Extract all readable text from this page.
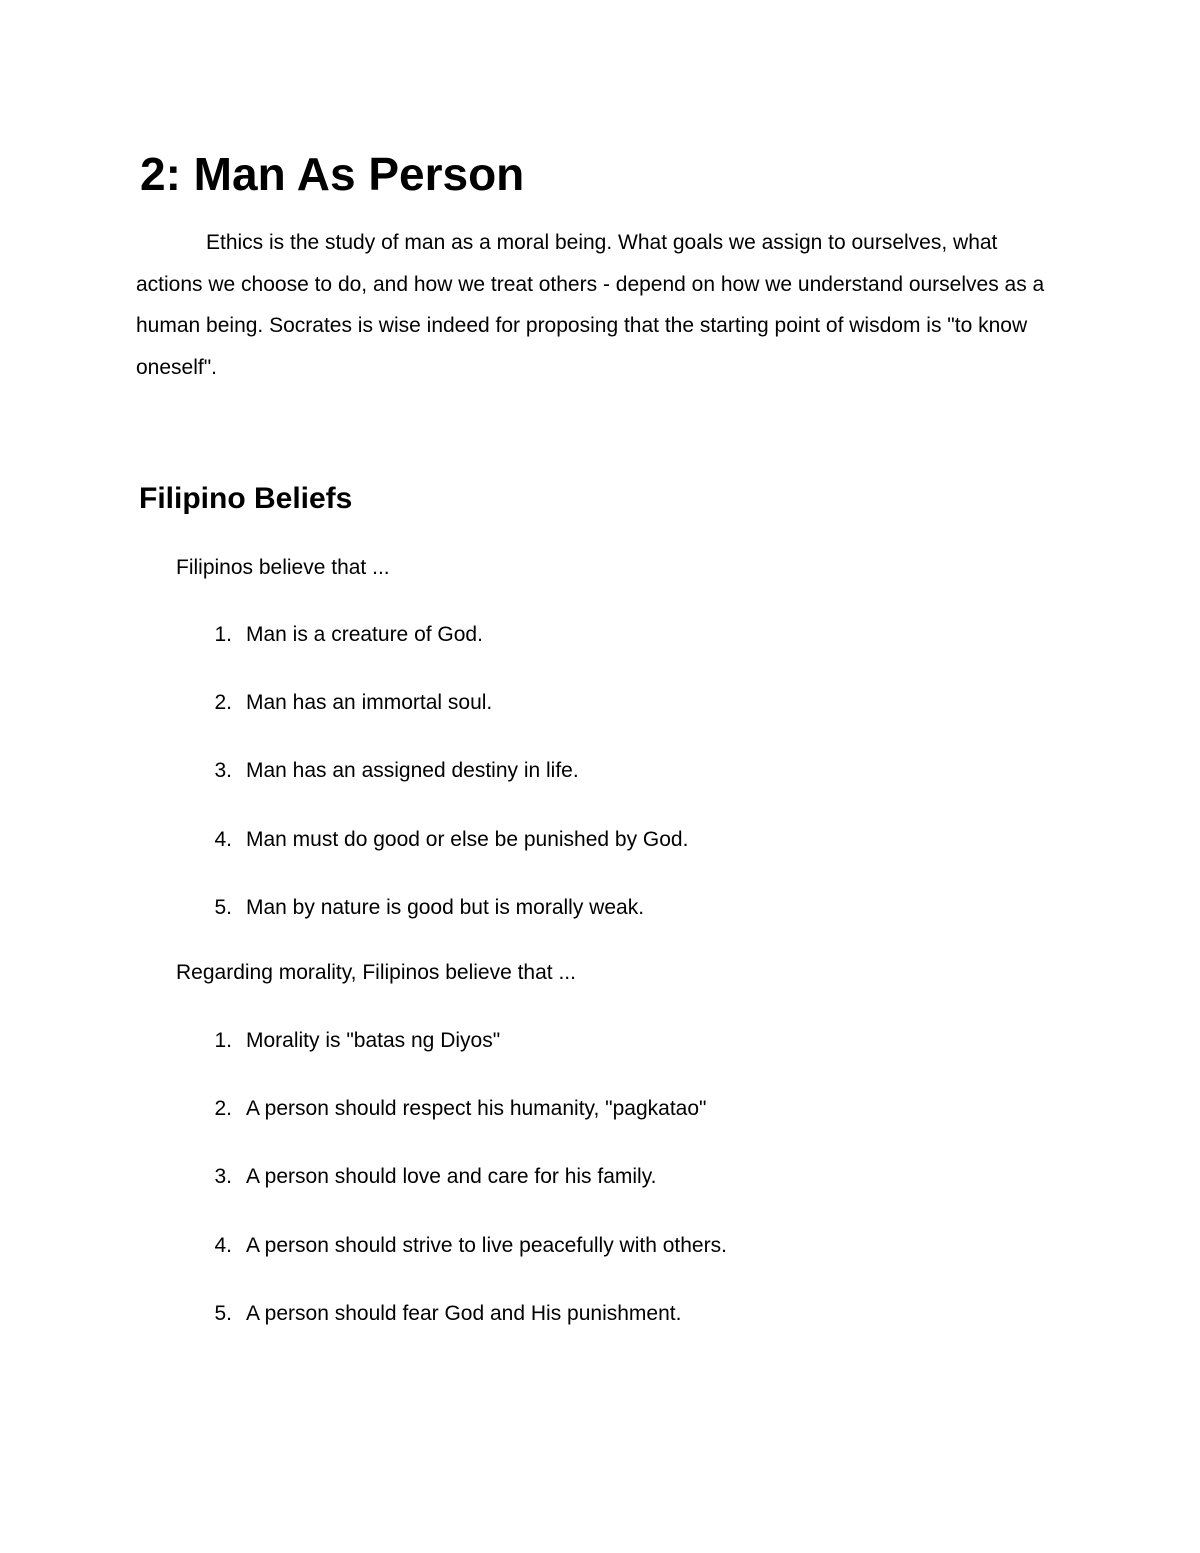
2: Man As Person

Ethics is the study of man as a moral being. What goals we assign to ourselves, what actions we choose to do, and how we treat others - depend on how we understand ourselves as a human being. Socrates is wise indeed for proposing that the starting point of wisdom is "to know oneself".

Filipino Beliefs

Filipinos believe that ...

1. Man is a creature of God.
2. Man has an immortal soul.
3. Man has an assigned destiny in life.
4. Man must do good or else be punished by God.
5. Man by nature is good but is morally weak.

Regarding morality, Filipinos believe that ...

1. Morality is "batas ng Diyos"
2. A person should respect his humanity, "pagkatao"
3. A person should love and care for his family.
4. A person should strive to live peacefully with others.
5. A person should fear God and His punishment.
